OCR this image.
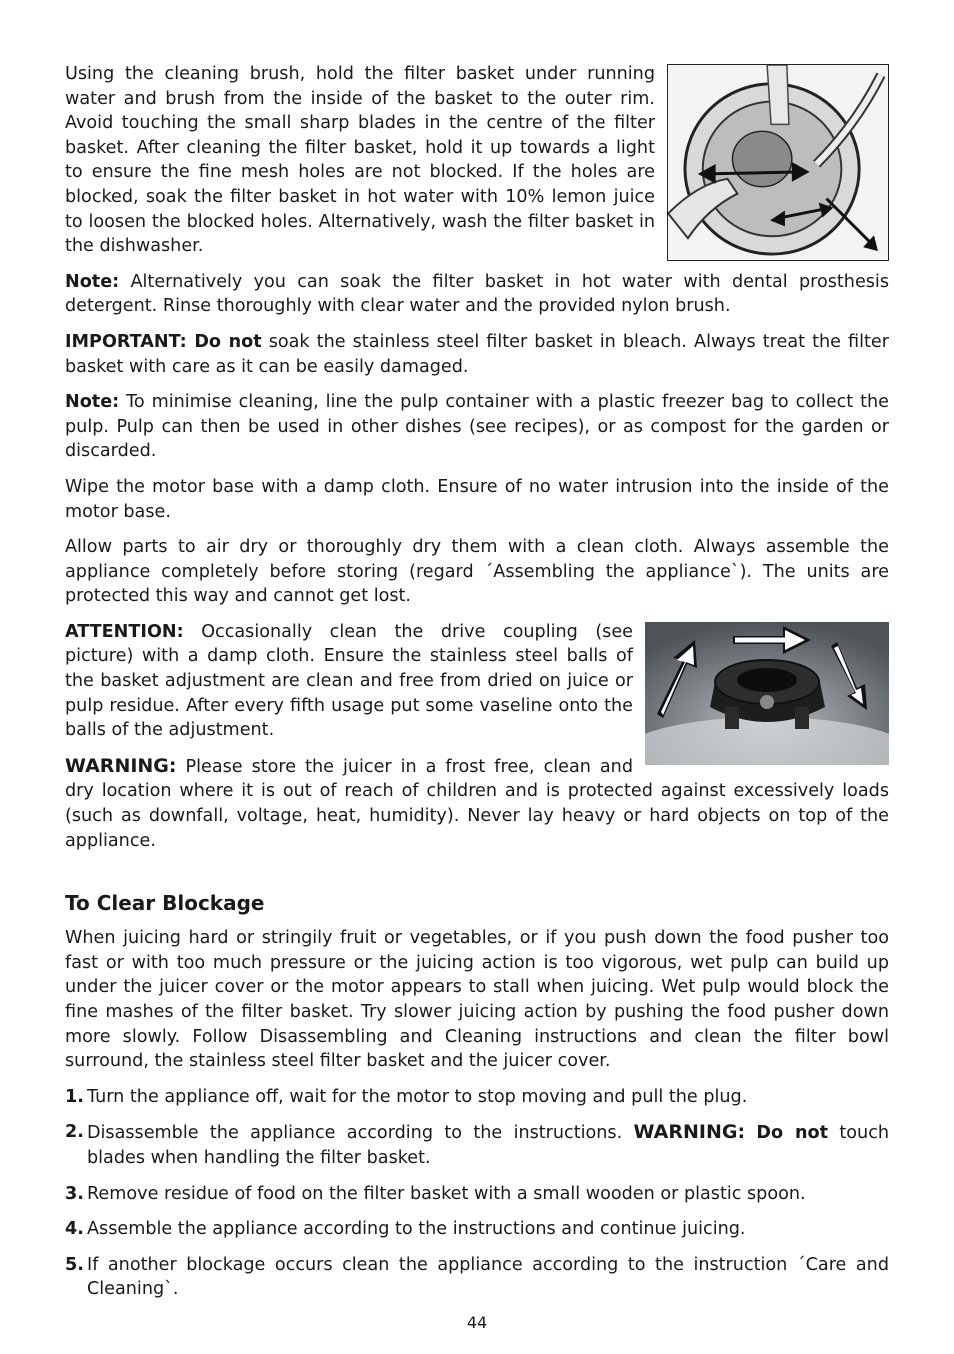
Using the cleaning brush, hold the filter basket under running water and brush from the inside of the basket to the outer rim. Avoid touching the small sharp blades in the centre of the filter basket. After cleaning the filter basket, hold it up towards a light to ensure the fine mesh holes are not blocked. If the holes are blocked, soak the filter basket in hot water with 10% lemon juice to loosen the blocked holes. Alternatively, wash the filter basket in the dishwasher.

Note: Alternatively you can soak the filter basket in hot water with dental prosthesis detergent. Rinse thoroughly with clear water and the provided nylon brush.

IMPORTANT: Do not soak the stainless steel filter basket in bleach. Always treat the filter basket with care as it can be easily damaged.

Note: To minimise cleaning, line the pulp container with a plastic freezer bag to collect the pulp. Pulp can then be used in other dishes (see recipes), or as compost for the garden or discarded.

Wipe the motor base with a damp cloth. Ensure of no water intrusion into the inside of the motor base.

Allow parts to air dry or thoroughly dry them with a clean cloth. Always assemble the appliance completely before storing (regard ´Assembling the appliance`). The units are protected this way and cannot get lost.

ATTENTION: Occasionally clean the drive coupling (see picture) with a damp cloth. Ensure the stainless steel balls of the basket adjustment are clean and free from dried on juice or pulp residue. After every fifth usage put some vaseline onto the balls of the adjustment.

WARNING: Please store the juicer in a frost free, clean and dry location where it is out of reach of children and is protected against excessively loads (such as downfall, voltage, heat, humidity). Never lay heavy or hard objects on top of the appliance.

To Clear Blockage

When juicing hard or stringily fruit or vegetables, or if you push down the food pusher too fast or with too much pressure or the juicing action is too vigorous, wet pulp can build up under the juicer cover or the motor appears to stall when juicing. Wet pulp would block the fine mashes of the filter basket. Try slower juicing action by pushing the food pusher down more slowly. Follow Disassembling and Cleaning instructions and clean the filter bowl surround, the stainless steel filter basket and the juicer cover.

1. Turn the appliance off, wait for the motor to stop moving and pull the plug.
2. Disassemble the appliance according to the instructions. WARNING: Do not touch blades when handling the filter basket.
3. Remove residue of food on the filter basket with a small wooden or plastic spoon.
4. Assemble the appliance according to the instructions and continue juicing.
5. If another blockage occurs clean the appliance according to the instruction ´Care and Cleaning`.
44
